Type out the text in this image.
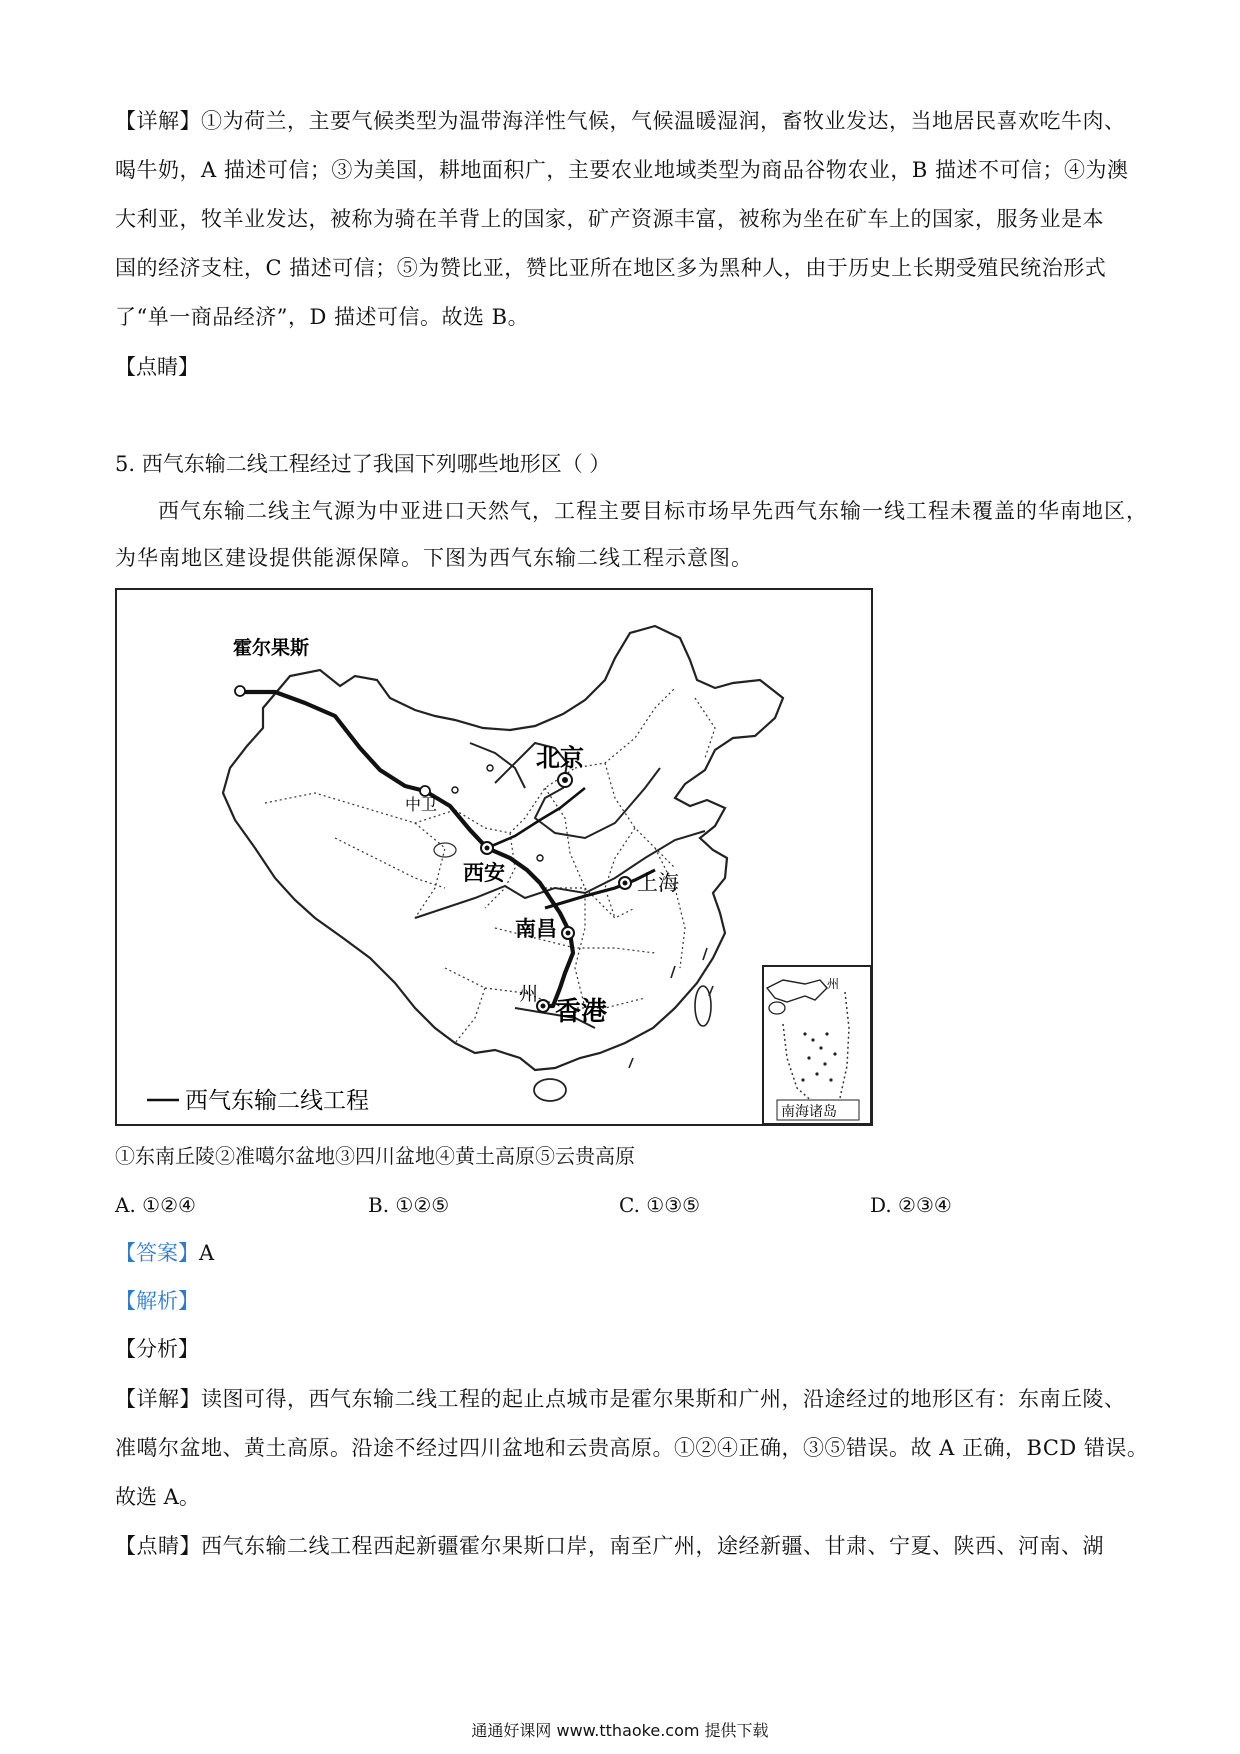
【详解】①为荷兰，主要气候类型为温带海洋性气候，气候温暖湿润，畜牧业发达，当地居民喜欢吃牛肉、
喝牛奶，A 描述可信；③为美国，耕地面积广，主要农业地域类型为商品谷物农业，B 描述不可信；④为澳
大利亚，牧羊业发达，被称为骑在羊背上的国家，矿产资源丰富，被称为坐在矿车上的国家，服务业是本
国的经济支柱，C 描述可信；⑤为赞比亚，赞比亚所在地区多为黑种人，由于历史上长期受殖民统治形式
了“单一商品经济”，D 描述可信。故选 B。
【点睛】
5. 西气东输二线工程经过了我国下列哪些地形区（ ）
西气东输二线主气源为中亚进口天然气，工程主要目标市场早先西气东输一线工程未覆盖的华南地区，
为华南地区建设提供能源保障。下图为西气东输二线工程示意图。
霍尔果斯
中卫
北京
西安	上海
南昌
州
香港
西气东输二线工程
州
南海诸岛
①东南丘陵②准噶尔盆地③四川盆地④黄土高原⑤云贵高原
A. ①②④	B. ①②⑤	C. ①③⑤	D. ②③④
【答案】A
【解析】
【分析】
【详解】读图可得，西气东输二线工程的起止点城市是霍尔果斯和广州，沿途经过的地形区有：东南丘陵、
准噶尔盆地、黄土高原。沿途不经过四川盆地和云贵高原。①②④正确，③⑤错误。故 A 正确，BCD 错误。
故选 A。
【点睛】西气东输二线工程西起新疆霍尔果斯口岸，南至广州，途经新疆、甘肃、宁夏、陕西、河南、湖
通通好课网 www.tthaoke.com 提供下载
